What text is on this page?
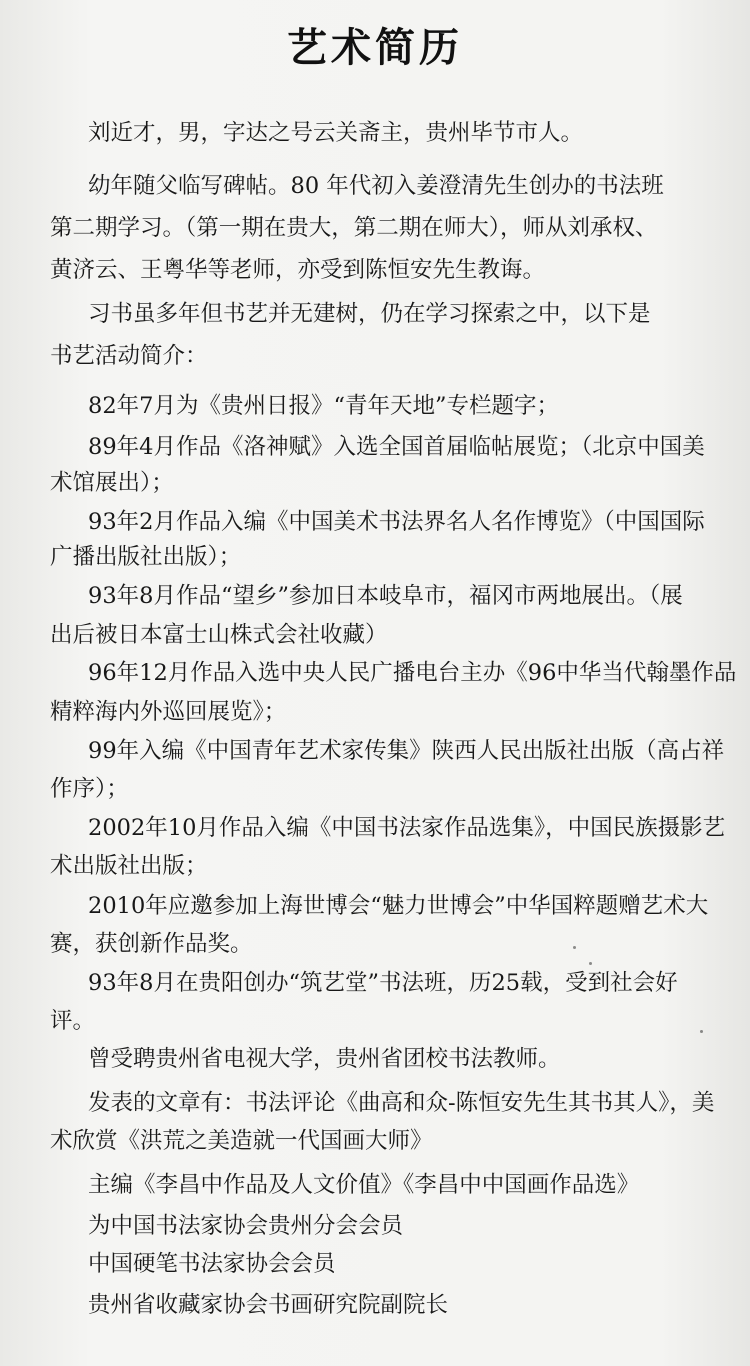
艺术简历
刘近才，男，字达之号云关斋主，贵州毕节市人。
幼年随父临写碑帖。80 年代初入姜澄清先生创办的书法班
第二期学习。（第一期在贵大，第二期在师大），师从刘承权、
黄济云、王粤华等老师，亦受到陈恒安先生教诲。
习书虽多年但书艺并无建树，仍在学习探索之中，以下是
书艺活动简介：
82年7月为《贵州日报》“青年天地”专栏题字；
89年4月作品《洛神赋》入选全国首届临帖展览；（北京中国美
术馆展出）；
93年2月作品入编《中国美术书法界名人名作博览》（中国国际
广播出版社出版）；
93年8月作品“望乡”参加日本岐阜市，福冈市两地展出。（展
出后被日本富士山株式会社收藏）
96年12月作品入选中央人民广播电台主办《96中华当代翰墨作品
精粹海内外巡回展览》；
99年入编《中国青年艺术家传集》陕西人民出版社出版（高占祥
作序）；
2002年10月作品入编《中国书法家作品选集》，中国民族摄影艺
术出版社出版；
2010年应邀参加上海世博会“魅力世博会”中华国粹题赠艺术大
赛，获创新作品奖。
93年8月在贵阳创办“筑艺堂”书法班，历25载，受到社会好
评。
曾受聘贵州省电视大学，贵州省团校书法教师。
发表的文章有：书法评论《曲高和众-陈恒安先生其书其人》，美
术欣赏《洪荒之美造就一代国画大师》
主编《李昌中作品及人文价值》《李昌中中国画作品选》
为中国书法家协会贵州分会会员
中国硬笔书法家协会会员
贵州省收藏家协会书画研究院副院长
